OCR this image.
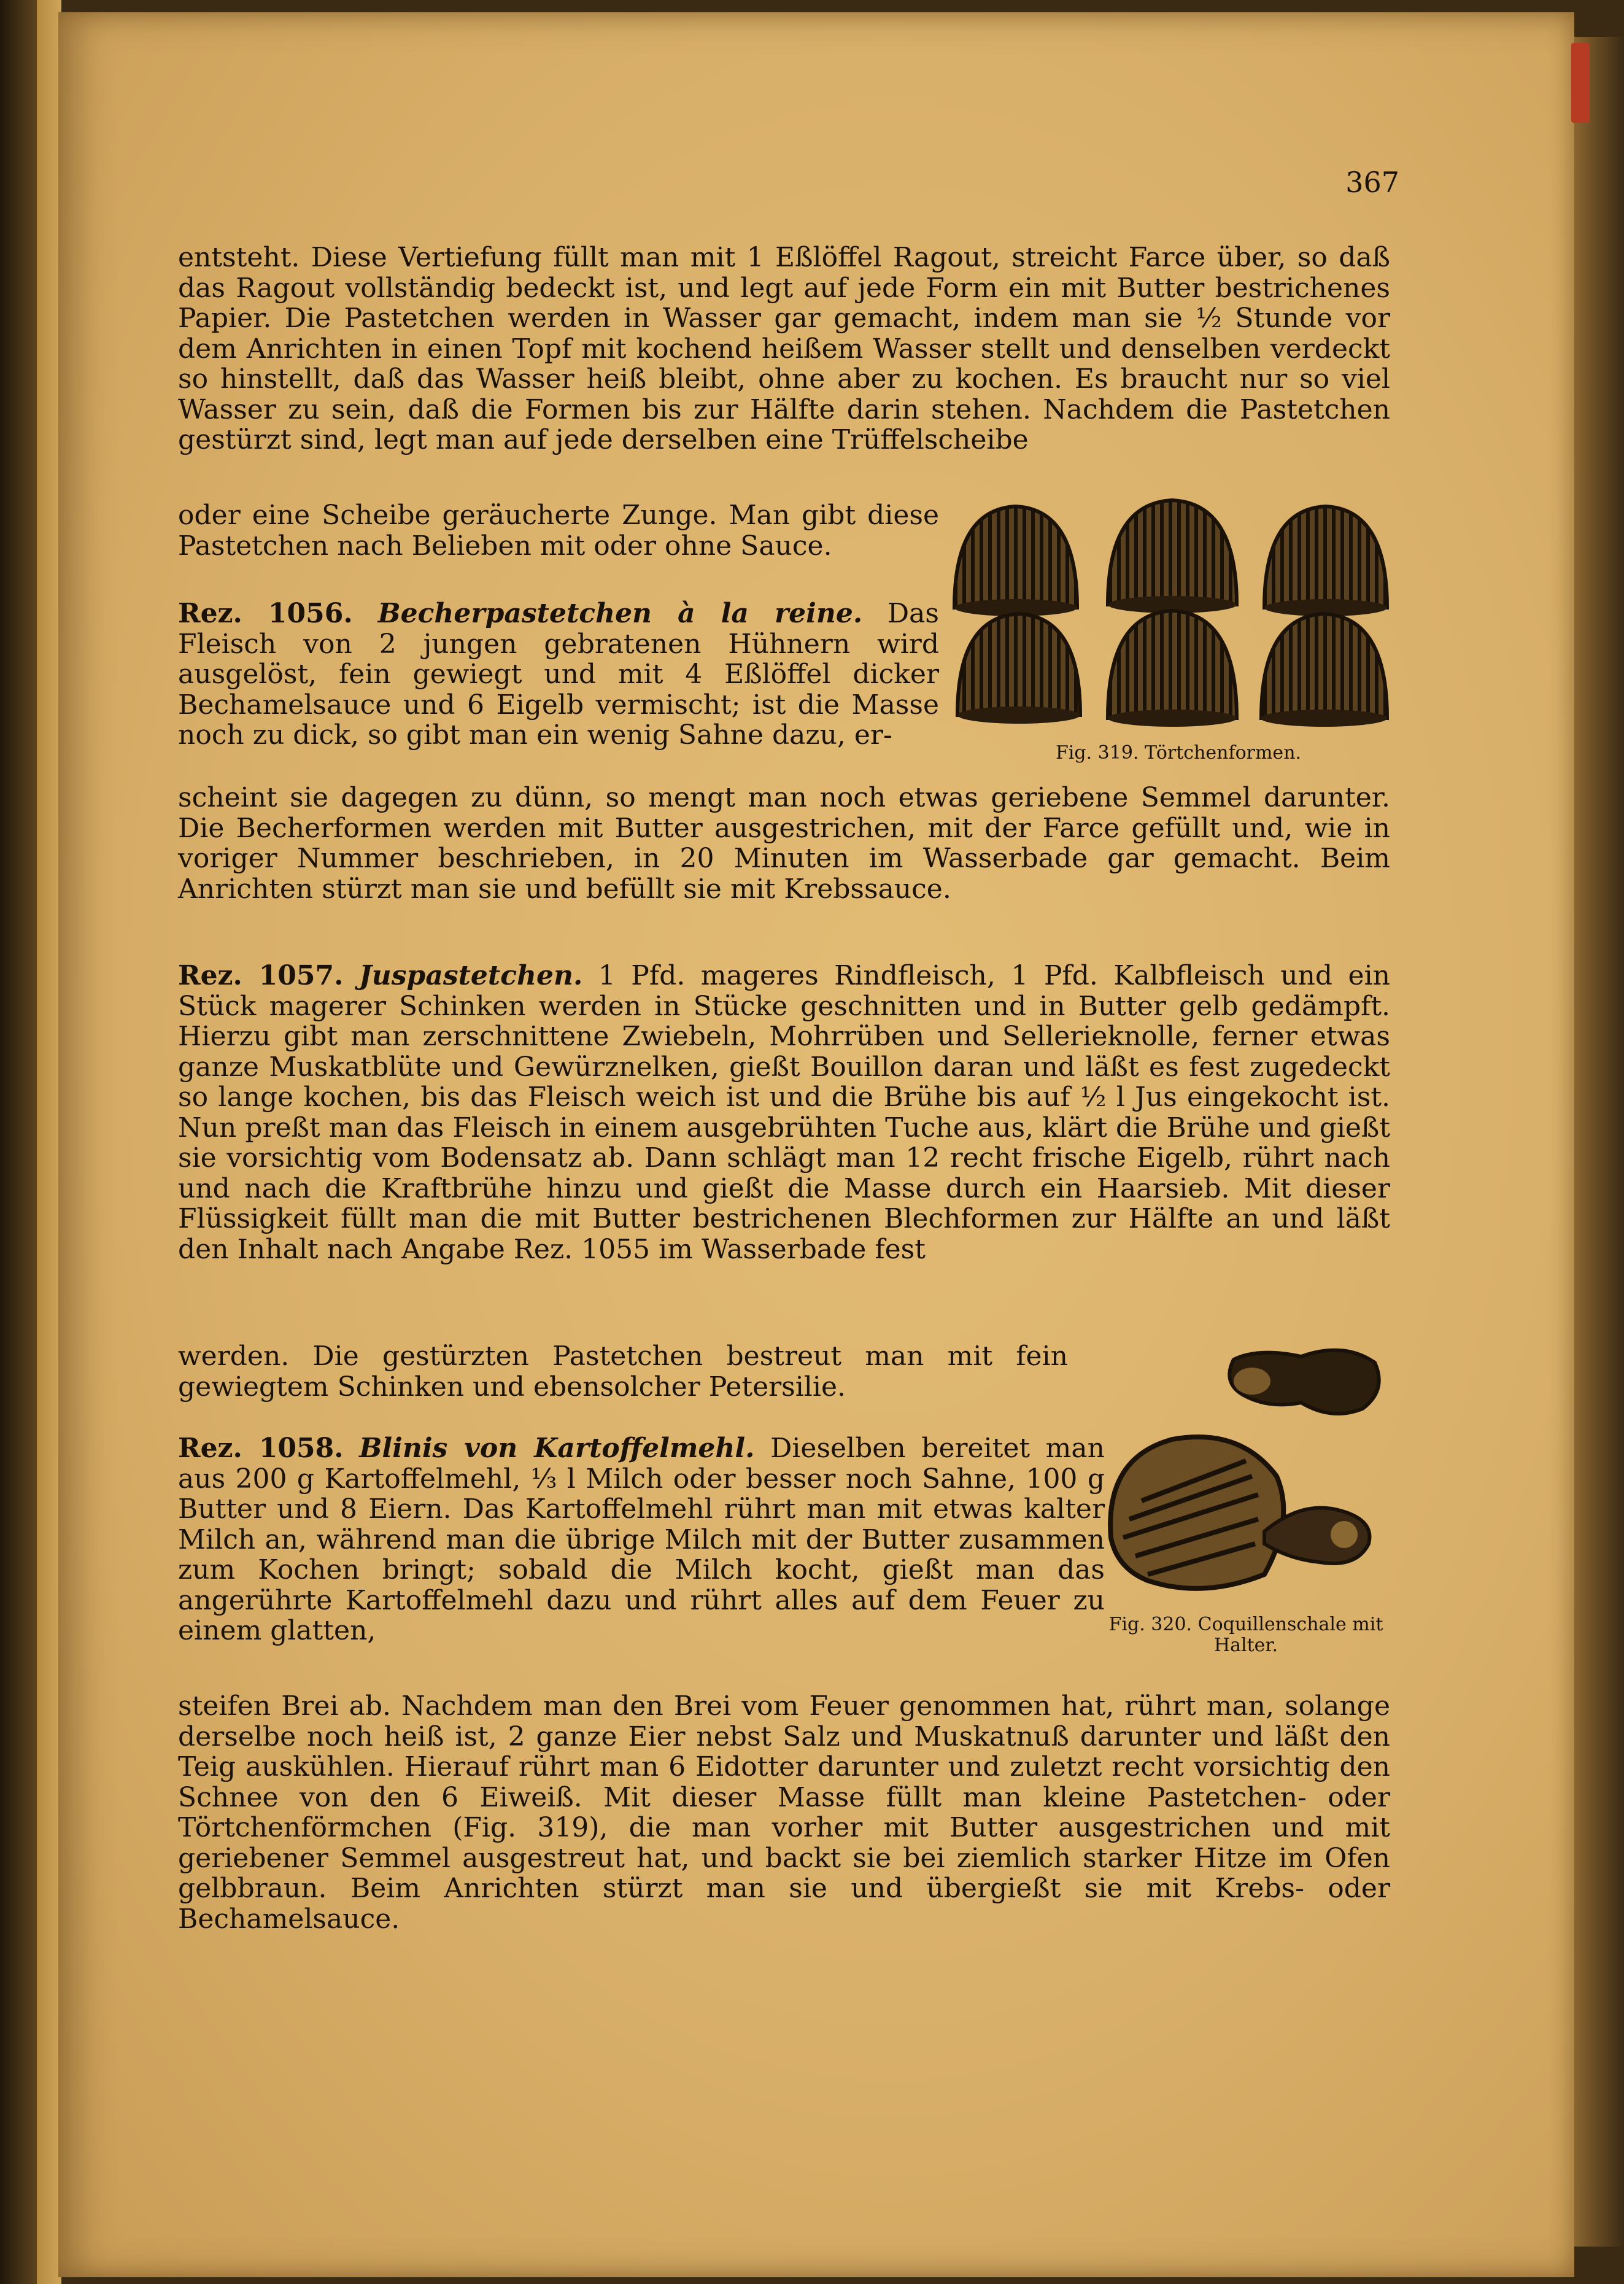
367

entsteht. Diese Vertiefung füllt man mit 1 Eßlöffel Ragout, streicht Farce über, so daß das Ragout vollständig bedeckt ist, und legt auf jede Form ein mit Butter bestrichenes Papier. Die Pastetchen werden in Wasser gar gemacht, indem man sie ½ Stunde vor dem Anrichten in einen Topf mit kochend heißem Wasser stellt und denselben verdeckt so hinstellt, daß das Wasser heiß bleibt, ohne aber zu kochen. Es braucht nur so viel Wasser zu sein, daß die Formen bis zur Hälfte darin stehen. Nachdem die Pastetchen gestürzt sind, legt man auf jede derselben eine Trüffelscheibe

oder eine Scheibe geräucherte Zunge. Man gibt diese Pastetchen nach Belieben mit oder ohne Sauce.

Rez. 1056. Becherpastetchen à la reine. Das Fleisch von 2 jungen gebratenen Hühnern wird ausgelöst, fein gewiegt und mit 4 Eßlöffel dicker Bechamelsauce und 6 Eigelb vermischt; ist die Masse noch zu dick, so gibt man ein wenig Sahne dazu, er-

Fig. 319. Törtchenformen.

scheint sie dagegen zu dünn, so mengt man noch etwas geriebene Semmel darunter. Die Becherformen werden mit Butter ausgestrichen, mit der Farce gefüllt und, wie in voriger Nummer beschrieben, in 20 Minuten im Wasserbade gar gemacht. Beim Anrichten stürzt man sie und befüllt sie mit Krebssauce.

Rez. 1057. Juspastetchen. 1 Pfd. mageres Rindfleisch, 1 Pfd. Kalbfleisch und ein Stück magerer Schinken werden in Stücke geschnitten und in Butter gelb gedämpft. Hierzu gibt man zerschnittene Zwiebeln, Mohrrüben und Sellerieknolle, ferner etwas ganze Muskatblüte und Gewürznelken, gießt Bouillon daran und läßt es fest zugedeckt so lange kochen, bis das Fleisch weich ist und die Brühe bis auf ½ l Jus eingekocht ist. Nun preßt man das Fleisch in einem ausgebrühten Tuche aus, klärt die Brühe und gießt sie vorsichtig vom Bodensatz ab. Dann schlägt man 12 recht frische Eigelb, rührt nach und nach die Kraftbrühe hinzu und gießt die Masse durch ein Haarsieb. Mit dieser Flüssigkeit füllt man die mit Butter bestrichenen Blechformen zur Hälfte an und läßt den Inhalt nach Angabe Rez. 1055 im Wasserbade fest

werden. Die gestürzten Pastetchen bestreut man mit fein gewiegtem Schinken und ebensolcher Petersilie.

Rez. 1058. Blinis von Kartoffelmehl. Dieselben bereitet man aus 200 g Kartoffelmehl, ⅓ l Milch oder besser noch Sahne, 100 g Butter und 8 Eiern. Das Kartoffelmehl rührt man mit etwas kalter Milch an, während man die übrige Milch mit der Butter zusammen zum Kochen bringt; sobald die Milch kocht, gießt man das angerührte Kartoffelmehl dazu und rührt alles auf dem Feuer zu einem glatten,	Fig. 320. Coquillenschale mit Halter.

steifen Brei ab. Nachdem man den Brei vom Feuer genommen hat, rührt man, solange derselbe noch heiß ist, 2 ganze Eier nebst Salz und Muskatnuß darunter und läßt den Teig auskühlen. Hierauf rührt man 6 Eidotter darunter und zuletzt recht vorsichtig den Schnee von den 6 Eiweiß. Mit dieser Masse füllt man kleine Pastetchen- oder Törtchenförmchen (Fig. 319), die man vorher mit Butter ausgestrichen und mit geriebener Semmel ausgestreut hat, und backt sie bei ziemlich starker Hitze im Ofen gelbbraun. Beim Anrichten stürzt man sie und übergießt sie mit Krebs- oder Bechamelsauce.
